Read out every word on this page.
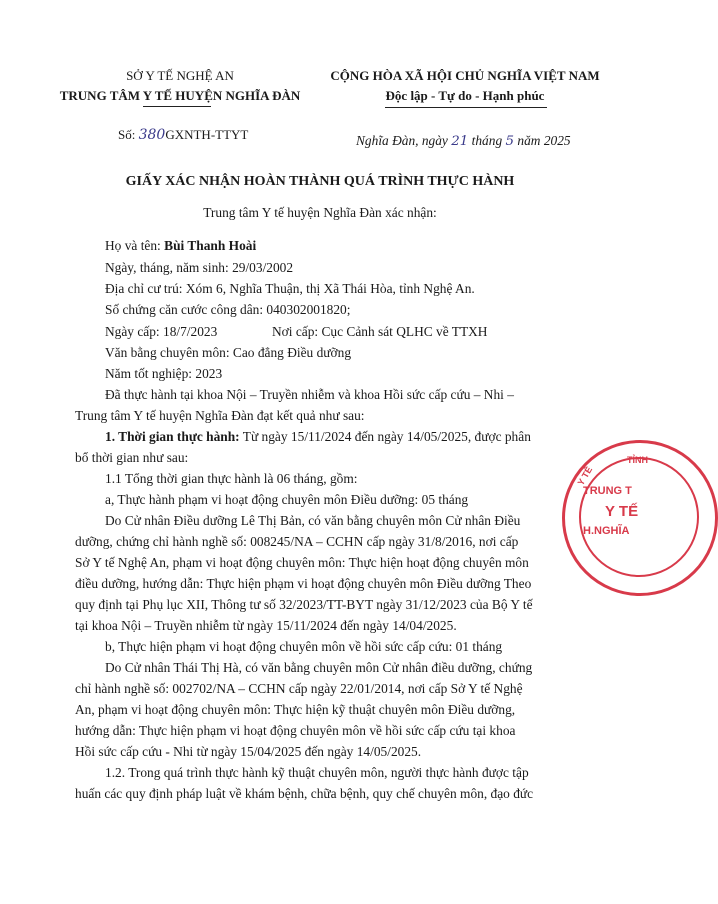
SỞ Y TẾ NGHỆ AN
TRUNG TÂM Y TẾ HUYỆN NGHĨA ĐÀN
Số: 380GXNTH-TTYT
CỘNG HÒA XÃ HỘI CHỦ NGHĨA VIỆT NAM
Độc lập - Tự do - Hạnh phúc
Nghĩa Đàn, ngày 21 tháng 5 năm 2025
GIẤY XÁC NHẬN HOÀN THÀNH QUÁ TRÌNH THỰC HÀNH
Trung tâm Y tế huyện Nghĩa Đàn xác nhận:
Họ và tên: Bùi Thanh Hoài
Ngày, tháng, năm sinh: 29/03/2002
Địa chỉ cư trú: Xóm 6, Nghĩa Thuận, thị Xã Thái Hòa, tỉnh Nghệ An.
Số chứng căn cước công dân: 040302001820;
Ngày cấp: 18/7/2023	Nơi cấp: Cục Cảnh sát QLHC về TTXH
Văn bằng chuyên môn: Cao đẳng Điều dưỡng
Năm tốt nghiệp: 2023
Đã thực hành tại khoa Nội – Truyền nhiễm và khoa Hồi sức cấp cứu – Nhi –
Trung tâm Y tế huyện Nghĩa Đàn đạt kết quả như sau:
1. Thời gian thực hành: Từ ngày 15/11/2024 đến ngày 14/05/2025, được phân
bổ thời gian như sau:
1.1 Tổng thời gian thực hành là 06 tháng, gồm:
a, Thực hành phạm vi hoạt động chuyên môn Điều dưỡng: 05 tháng
Do Cử nhân Điều dưỡng Lê Thị Bản, có văn bằng chuyên môn Cử nhân Điều
dưỡng, chứng chỉ hành nghề số: 008245/NA – CCHN cấp ngày 31/8/2016, nơi cấp
Sở Y tế Nghệ An, phạm vi hoạt động chuyên môn: Thực hiện hoạt động chuyên môn
điều dưỡng, hướng dẫn: Thực hiện phạm vi hoạt động chuyên môn Điều dưỡng Theo
quy định tại Phụ lục XII, Thông tư số 32/2023/TT-BYT ngày 31/12/2023 của Bộ Y tế
tại khoa Nội – Truyền nhiễm từ ngày 15/11/2024 đến ngày 14/04/2025.
b, Thực hiện phạm vi hoạt động chuyên môn về hồi sức cấp cứu: 01 tháng
Do Cử nhân Thái Thị Hà, có văn bằng chuyên môn Cử nhân điều dưỡng, chứng
chỉ hành nghề số: 002702/NA – CCHN cấp ngày 22/01/2014, nơi cấp Sở Y tế Nghệ
An, phạm vi hoạt động chuyên môn: Thực hiện kỹ thuật chuyên môn Điều dưỡng,
hướng dẫn: Thực hiện phạm vi hoạt động chuyên môn về hồi sức cấp cứu tại khoa
Hồi sức cấp cứu - Nhi từ ngày 15/04/2025 đến ngày 14/05/2025.
1.2. Trong quá trình thực hành kỹ thuật chuyên môn, người thực hành được tập
huấn các quy định pháp luật về khám bệnh, chữa bệnh, quy chế chuyên môn, đạo đức
TỈNH
Y TẾ
TRUNG T
Y TẾ
H.NGHĨA
